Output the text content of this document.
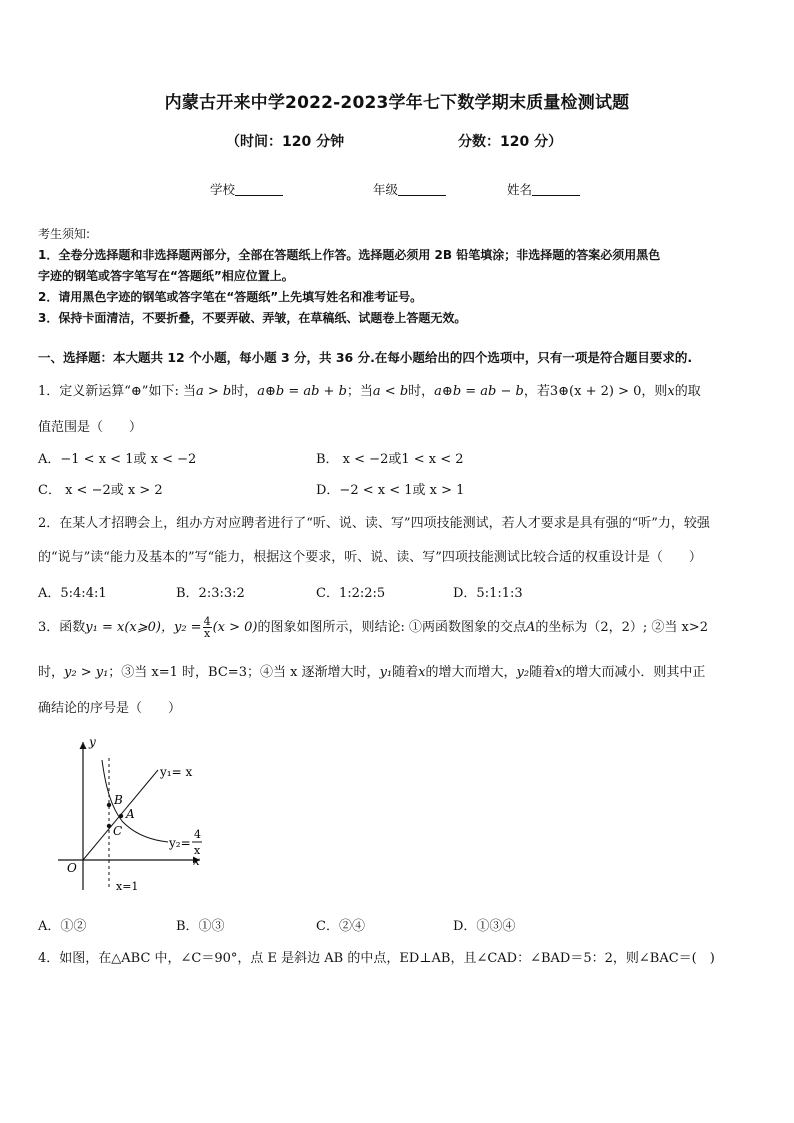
内蒙古开来中学2022-2023学年七下数学期末质量检测试题
（时间：120 分钟	分数：120 分）
学校	年级	姓名
考生须知:
1．全卷分选择题和非选择题两部分，全部在答题纸上作答。选择题必须用 2B 铅笔填涂；非选择题的答案必须用黑色
字迹的钢笔或答字笔写在“答题纸”相应位置上。
2．请用黑色字迹的钢笔或答字笔在“答题纸”上先填写姓名和准考证号。
3．保持卡面清洁，不要折叠，不要弄破、弄皱，在草稿纸、试题卷上答题无效。
一、选择题：本大题共 12 个小题，每小题 3 分，共 36 分.在每小题给出的四个选项中，只有一项是符合题目要求的.
1．定义新运算“⊕”如下: 当a > b时，a⊕b = ab + b；当a < b时，a⊕b = ab − b，若3⊕(x + 2) > 0，则x的取
值范围是（　　）
A．−1 < x < 1或 x < −2	B． x < −2或1 < x < 2
C． x < −2或 x > 2	D．−2 < x < 1或 x > 1
2．在某人才招聘会上，组办方对应聘者进行了“听、说、读、写”四项技能测试，若人才要求是具有强的“听”力，较强
的“说与”读“能力及基本的”写“能力，根据这个要求，听、说、读、写”四项技能测试比较合适的权重设计是（　　）
A．5:4:4:1	B．2:3:3:2	C．1:2:2:5	D．5:1:1:3
3．函数y₁ = x(x⩾0)，$y_2 = \frac{4}{x} (x > 0)$的图象如图所示，则结论: ①两函数图象的交点A的坐标为（2，2）; ②当 x>2
时，y₂ > y₁；③当 x=1 时，BC=3；④当 x 逐渐增大时，y₁随着x的增大而增大，y₂随着x的增大而减小．则其中正
确结论的序号是（　　）
y
x
O
y₁= x
y₂=
4
x
x=1
B
A
C
A．①②	B．①③	C．②④	D．①③④
4．如图，在△ABC 中，∠C＝90°，点 E 是斜边 AB 的中点，ED⊥AB，且∠CAD：∠BAD＝5：2，则∠BAC＝(　)
